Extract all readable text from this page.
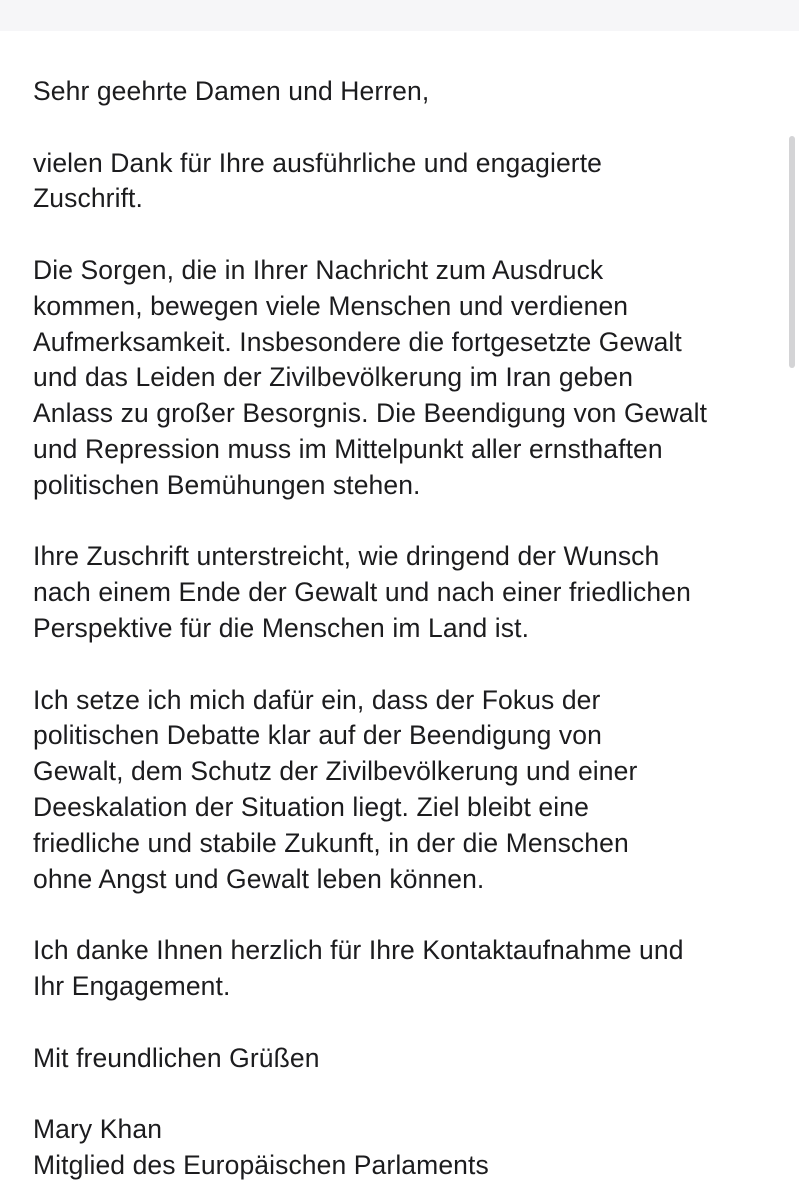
Sehr geehrte Damen und Herren,

vielen Dank für Ihre ausführliche und engagierte
Zuschrift.

Die Sorgen, die in Ihrer Nachricht zum Ausdruck
kommen, bewegen viele Menschen und verdienen
Aufmerksamkeit. Insbesondere die fortgesetzte Gewalt
und das Leiden der Zivilbevölkerung im Iran geben
Anlass zu großer Besorgnis. Die Beendigung von Gewalt
und Repression muss im Mittelpunkt aller ernsthaften
politischen Bemühungen stehen.

Ihre Zuschrift unterstreicht, wie dringend der Wunsch
nach einem Ende der Gewalt und nach einer friedlichen
Perspektive für die Menschen im Land ist.

Ich setze ich mich dafür ein, dass der Fokus der
politischen Debatte klar auf der Beendigung von
Gewalt, dem Schutz der Zivilbevölkerung und einer
Deeskalation der Situation liegt. Ziel bleibt eine
friedliche und stabile Zukunft, in der die Menschen
ohne Angst und Gewalt leben können.

Ich danke Ihnen herzlich für Ihre Kontaktaufnahme und
Ihr Engagement.

Mit freundlichen Grüßen

Mary Khan
Mitglied des Europäischen Parlaments
